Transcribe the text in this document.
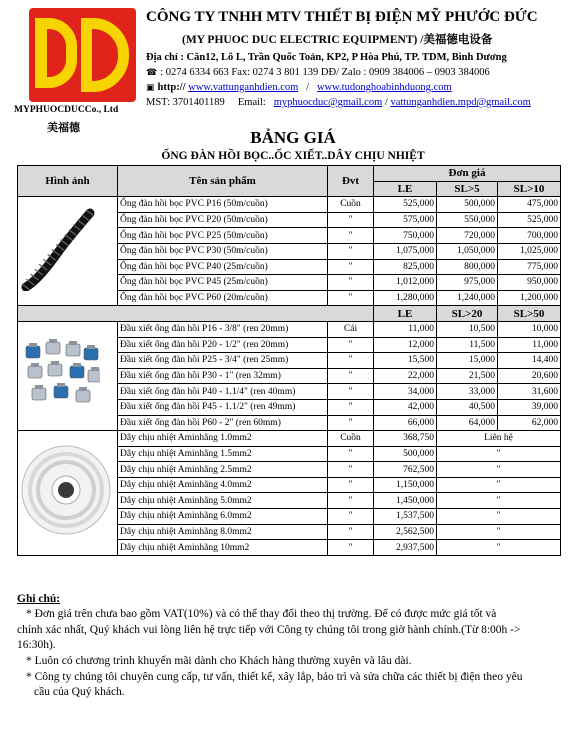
MYPHUOCDUCCo., Ltd
美福德
CÔNG TY TNHH MTV THIẾT BỊ ĐIỆN MỸ PHƯỚC ĐỨC
(MY PHUOC DUC ELECTRIC EQUIPMENT) /美福德电设备
Địa chỉ : Căn12, Lô L, Trần Quốc Toản, KP2, P Hòa Phú, TP. TDM, Bình Dương
☎ : 0274 6334 663 Fax: 0274 3 801 139 DĐ/ Zalo : 0909 384006 – 0903 384006
▣ http:// www.vattunganhdien.com / www.tudonghoabinhduong.com
MST: 3701401189 Email: myphuocduc@gmail.com / vattunganhdien.mpd@gmail.com
BẢNG GIÁ
ỐNG ĐÀN HỒI BỌC..ỐC XIẾT..DÂY CHỊU NHIỆT
Hình ảnh	Tên sản phẩm	Đvt	Đơn giá		
			LE	SL>5	SL>10
	Ống đàn hồi bọc PVC P16 (50m/cuồn)	Cuồn	525,000	500,000	475,000
	Ống đàn hồi bọc PVC P20 (50m/cuồn)	"	575,000	550,000	525,000
	Ống đàn hồi bọc PVC P25 (50m/cuồn)	"	750,000	720,000	700,000
	Ống đàn hồi bọc PVC P30 (50m/cuồn)	"	1,075,000	1,050,000	1,025,000
	Ống đàn hồi bọc PVC P40 (25m/cuồn)	"	825,000	800,000	775,000
	Ống đàn hồi bọc PVC P45 (25m/cuồn)	"	1,012,000	975,000	950,000
	Ống đàn hồi bọc PVC P60 (20m/cuồn)	"	1,280,000	1,240,000	1,200,000
			LE	SL>20	SL>50
	Đầu xiết ống đàn hồi P16 - 3/8" (ren 20mm)	Cái	11,000	10,500	10,000
	Đầu xiết ống đàn hồi P20 - 1/2" (ren 20mm)	"	12,000	11,500	11,000
	Đầu xiết ống đàn hồi P25 - 3/4" (ren 25mm)	"	15,500	15,000	14,400
	Đầu xiết ống đàn hồi P30 - 1" (ren 32mm)	"	22,000	21,500	20,600
	Đầu xiết ống đàn hồi P40 - 1.1/4" (ren 40mm)	"	34,000	33,000	31,600
	Đầu xiết ống đàn hồi P45 - 1.1/2" (ren 49mm)	"	42,000	40,500	39,000
	Đầu xiết ống đàn hồi P60 - 2" (ren 60mm)	"	66,000	64,000	62,000
	Dây chịu nhiệt Aminhãng 1.0mm2	Cuồn	368,750	Liên hệ	
	Dây chịu nhiệt Aminhãng 1.5mm2	"	500,000	"	
	Dây chịu nhiệt Aminhãng 2.5mm2	"	762,500	"	
	Dây chịu nhiệt Aminhãng 4.0mm2	"	1,150,000	"	
	Dây chịu nhiệt Aminhãng 5.0mm2	"	1,450,000	"	
	Dây chịu nhiệt Aminhãng 6.0mm2	"	1,537,500	"	
	Dây chịu nhiệt Aminhãng 8.0mm2	"	2,562,500	"	
	Dây chịu nhiệt Aminhãng 10mm2	"	2,937,500	"	
Ghi chú:
* Đơn giá trên chưa bao gồm VAT(10%) và có thể thay đổi theo thị trường. Để có được mức giá tốt và
chính xác nhất, Quý khách vui lòng liên hệ trực tiếp với Công ty chúng tôi trong giờ hành chính.(Từ 8:00h ->
16:30h).
* Luôn có chương trình khuyến mãi dành cho Khách hàng thường xuyên và lâu dài.
* Công ty chúng tôi chuyên cung cấp, tư vấn, thiết kế, xây lắp, bảo trì và sửa chữa các thiết bị điện theo yêu
cầu của Quý khách.
